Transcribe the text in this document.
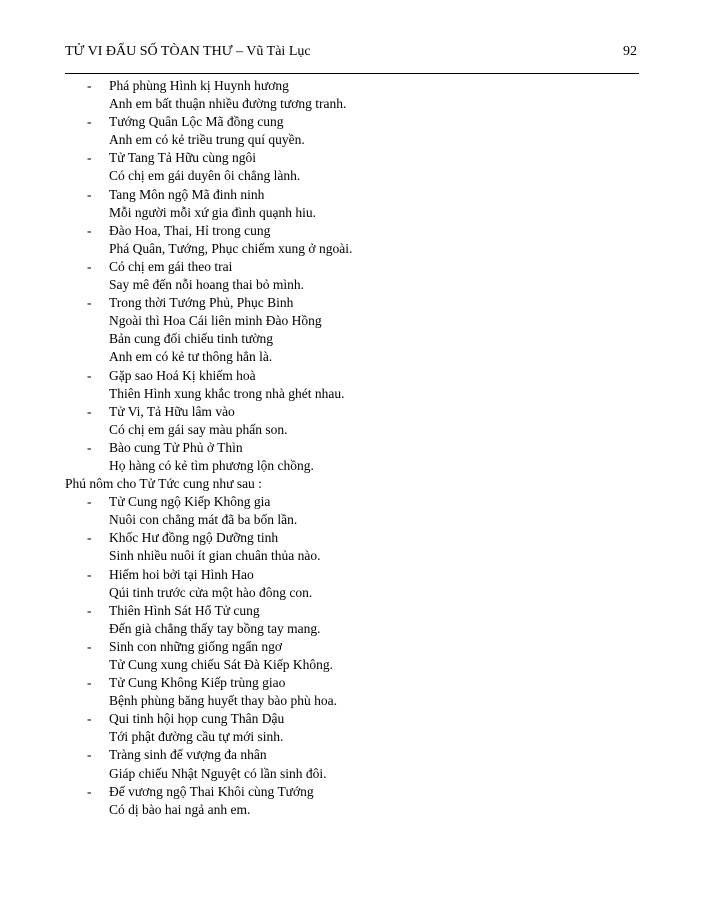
TỬ VI ĐẨU SỐ TÒAN THƯ – Vũ Tài Lục	92
- Phá phùng Hình kị Huynh hương
Anh em bất thuận nhiều đường tương tranh.
- Tướng Quân Lộc Mã đồng cung
Anh em có kẻ triều trung quí quyền.
- Tử Tang Tả Hữu cùng ngôi
Có chị em gái duyên ôi chẳng lành.
- Tang Môn ngộ Mã đinh ninh
Mỗi người mỗi xứ gia đình quạnh hiu.
- Đào Hoa, Thai, Hỉ trong cung
Phá Quân, Tướng, Phục chiếm xung ở ngoài.
- Có chị em gái theo trai
Say mê đến nỗi hoang thai bỏ mình.
- Trong thời Tướng Phủ, Phục Binh
Ngoài thì Hoa Cái liên minh Đào Hồng
Bản cung đối chiếu tinh tường
Anh em có kẻ tư thông hẳn là.
- Gặp sao Hoá Kị khiếm hoà
Thiên Hình xung khắc trong nhà ghét nhau.
- Tử Vi, Tả Hữu lâm vào
Có chị em gái say màu phấn son.
- Bào cung Tử Phủ ở Thìn
Họ hàng có kẻ tìm phương lộn chồng.
Phú nôm cho Tử Tức cung như sau :
- Tử Cung ngộ Kiếp Không gia
Nuôi con chẳng mát đã ba bốn lần.
- Khốc Hư đồng ngộ Dưỡng tinh
Sinh nhiều nuôi ít gian chuân thủa nào.
- Hiếm hoi bởi tại Hình Hao
Qúi tinh trước cửa một hào đông con.
- Thiên Hình Sát Hổ Tử cung
Đến già chẳng thấy tay bồng tay mang.
- Sinh con những giống ngẩn ngơ
Tử Cung xung chiếu Sát Đà Kiếp Không.
- Tử Cung Không Kiếp trùng giao
Bệnh phùng băng huyết thay bào phù hoa.
- Qui tinh hội họp cung Thân Dậu
Tới phật đường cầu tự mới sinh.
- Tràng sinh đế vượng đa nhân
Giáp chiếu Nhật Nguyệt có lần sinh đôi.
- Đế vương ngộ Thai Khôi cùng Tướng
Có dị bào hai ngả anh em.
